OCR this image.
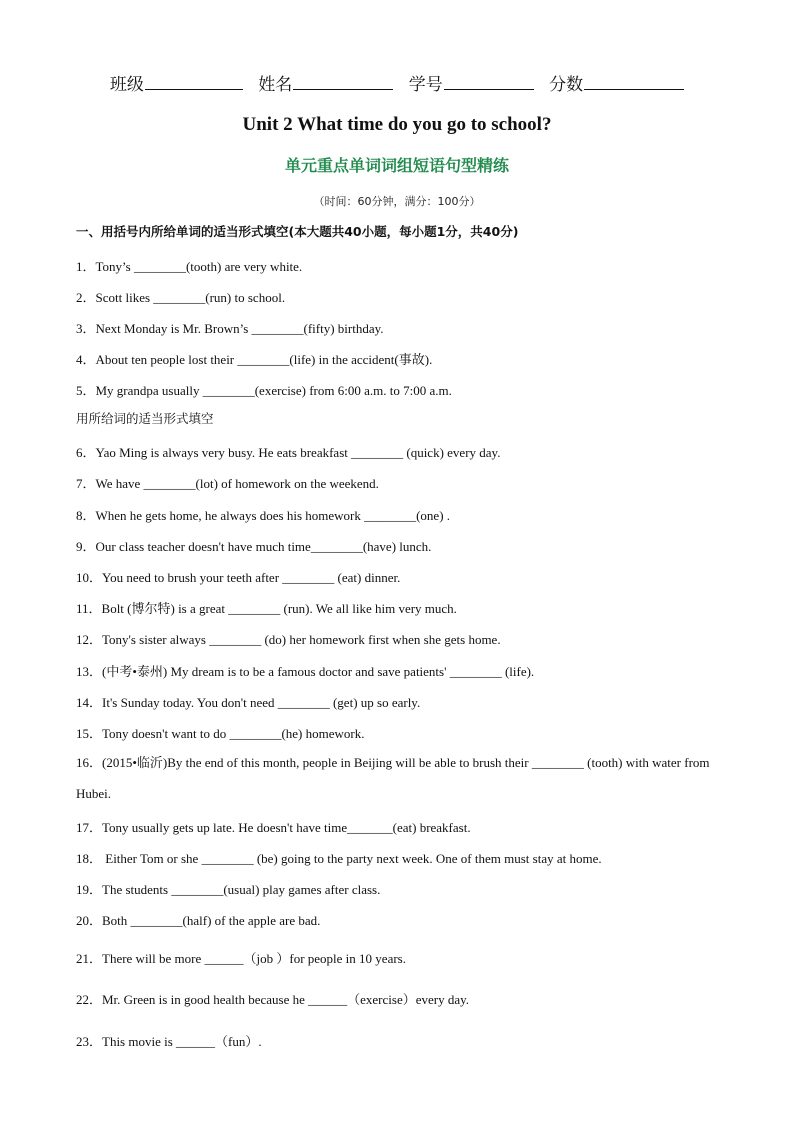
班级	姓名	学号	分数
Unit 2 What time do you go to school?
单元重点单词词组短语句型精练
（时间：60分钟，满分：100分）
一、用括号内所给单词的适当形式填空(本大题共40小题，每小题1分，共40分)
1．Tony’s ________(tooth) are very white.
2．Scott likes ________(run) to school.
3．Next Monday is Mr. Brown’s ________(fifty) birthday.
4．About ten people lost their ________(life) in the accident(事故).
5．My grandpa usually ________(exercise) from 6:00 a.m. to 7:00 a.m.
用所给词的适当形式填空
6．Yao Ming is always very busy. He eats breakfast ________ (quick) every day.
7．We have ________(lot) of homework on the weekend.
8．When he gets home, he always does his homework ________(one) .
9．Our class teacher doesn't have much time________(have) lunch.
10．You need to brush your teeth after ________ (eat) dinner.
11．Bolt (博尔特) is a great ________ (run). We all like him very much.
12．Tony's sister always ________ (do) her homework first when she gets home.
13．(中考•泰州) My dream is to be a famous doctor and save patients' ________ (life).
14．It's Sunday today. You don't need ________ (get) up so early.
15．Tony doesn't want to do ________(he) homework.
16．(2015•临沂)By the end of this month, people in Beijing will be able to brush their ________ (tooth) with water from Hubei.
17．Tony usually gets up late. He doesn't have time_______(eat) breakfast.
18． Either Tom or she ________ (be) going to the party next week. One of them must stay at home.
19．The students ________(usual) play games after class.
20．Both ________(half) of the apple are bad.
21．There will be more ______（job ）for people in 10 years.
22．Mr. Green is in good health because he ______（exercise）every day.
23．This movie is ______（fun）.
